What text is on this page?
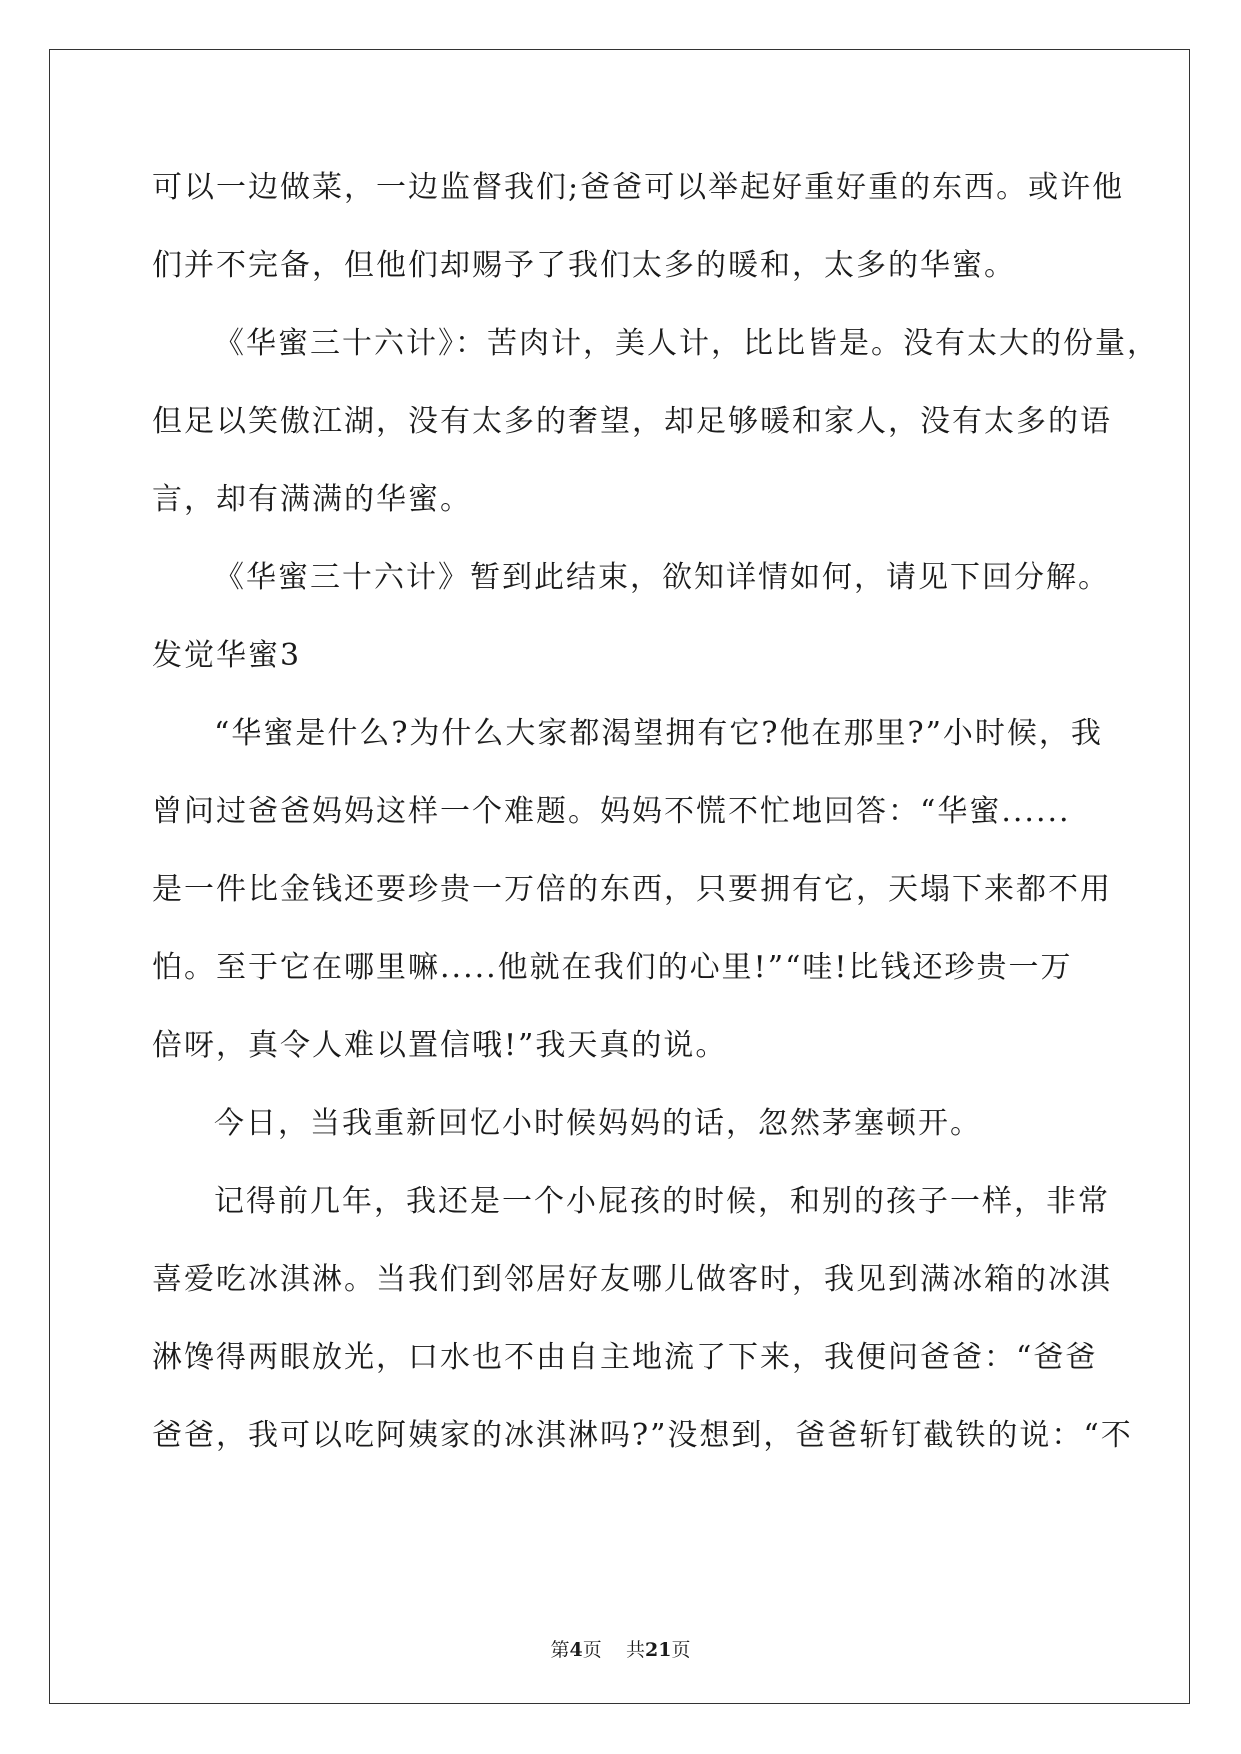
可以一边做菜，一边监督我们;爸爸可以举起好重好重的东西。或许他
们并不完备，但他们却赐予了我们太多的暖和，太多的华蜜。
《华蜜三十六计》：苦肉计，美人计，比比皆是。没有太大的份量，
但足以笑傲江湖，没有太多的奢望，却足够暖和家人，没有太多的语
言，却有满满的华蜜。
《华蜜三十六计》暂到此结束，欲知详情如何，请见下回分解。
发觉华蜜3
“华蜜是什么?为什么大家都渴望拥有它?他在那里?”小时候，我
曾问过爸爸妈妈这样一个难题。妈妈不慌不忙地回答：“华蜜......
是一件比金钱还要珍贵一万倍的东西，只要拥有它，天塌下来都不用
怕。至于它在哪里嘛.....他就在我们的心里!”“哇!比钱还珍贵一万
倍呀，真令人难以置信哦!”我天真的说。
今日，当我重新回忆小时候妈妈的话，忽然茅塞顿开。
记得前几年，我还是一个小屁孩的时候，和别的孩子一样，非常
喜爱吃冰淇淋。当我们到邻居好友哪儿做客时，我见到满冰箱的冰淇
淋馋得两眼放光，口水也不由自主地流了下来，我便问爸爸：“爸爸
爸爸，我可以吃阿姨家的冰淇淋吗?”没想到，爸爸斩钉截铁的说：“不
第4页 共21页
